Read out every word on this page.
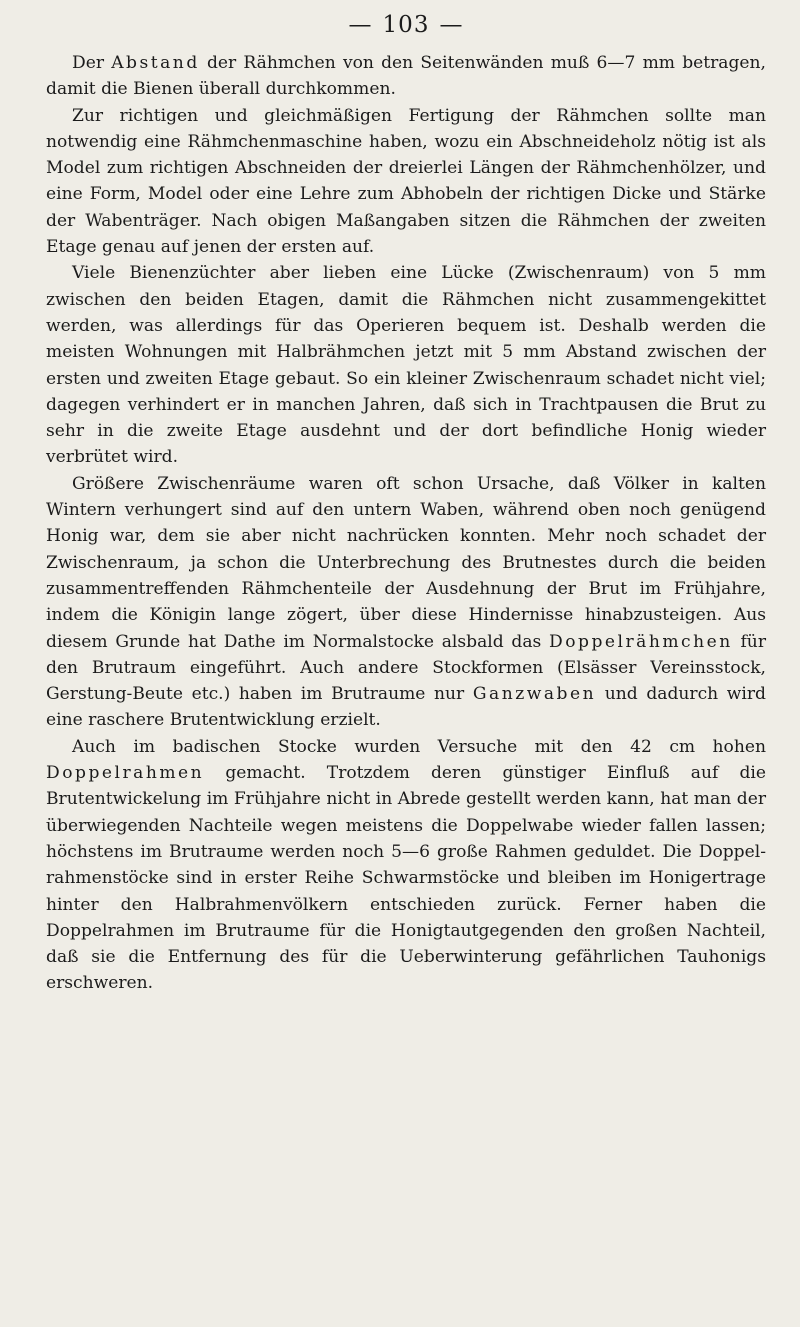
— 103 —

Der Abstand der Rähmchen von den Seitenwänden muß 6—7 mm betragen, damit die Bienen überall durchkommen.

Zur richtigen und gleichmäßigen Fertigung der Rähmchen sollte man notwendig eine Rähmchenmaschine haben, wozu ein Abschneideholz nötig ist als Model zum richtigen Abschneiden der dreierlei Längen der Rähmchenhölzer, und eine Form, Model oder eine Lehre zum Abhobeln der richtigen Dicke und Stärke der Wabenträger. Nach obigen Maßangaben sitzen die Rähmchen der zweiten Etage genau auf jenen der ersten auf.

Viele Bienenzüchter aber lieben eine Lücke (Zwischenraum) von 5 mm zwischen den beiden Etagen, damit die Rähmchen nicht zusammengekittet werden, was allerdings für das Operieren bequem ist. Deshalb werden die meisten Wohnungen mit Halbrähmchen jetzt mit 5 mm Abstand zwischen der ersten und zweiten Etage gebaut. So ein kleiner Zwischenraum schadet nicht viel; dagegen verhindert er in manchen Jahren, daß sich in Trachtpausen die Brut zu sehr in die zweite Etage ausdehnt und der dort befindliche Honig wieder verbrütet wird.

Größere Zwischenräume waren oft schon Ursache, daß Völker in kalten Wintern verhungert sind auf den untern Waben, während oben noch genügend Honig war, dem sie aber nicht nachrücken konnten. Mehr noch schadet der Zwischenraum, ja schon die Unterbrechung des Brutnestes durch die beiden zusammentreffenden Rähmchenteile der Ausdehnung der Brut im Frühjahre, indem die Königin lange zögert, über diese Hindernisse hinabzusteigen. Aus diesem Grunde hat Dathe im Normalstocke alsbald das Doppelrähmchen für den Brutraum eingeführt. Auch andere Stockformen (Elsässer Vereinsstock, Gerstung-Beute etc.) haben im Brutraume nur Ganzwaben und dadurch wird eine raschere Brutentwicklung erzielt.

Auch im badischen Stocke wurden Versuche mit den 42 cm hohen Doppelrahmen gemacht. Trotzdem deren günstiger Einfluß auf die Brutentwickelung im Frühjahre nicht in Abrede gestellt werden kann, hat man der überwiegenden Nachteile wegen meistens die Doppelwabe wieder fallen lassen; höchstens im Brutraume werden noch 5—6 große Rahmen geduldet. Die Doppelrahmenstöcke sind in erster Reihe Schwarmstöcke und bleiben im Honigertrage hinter den Halbrahmenvölkern entschieden zurück. Ferner haben die Doppelrahmen im Brutraume für die Honigtautgegenden den großen Nachteil, daß sie die Entfernung des für die Ueberwinterung gefährlichen Tauhonigs erschweren.
